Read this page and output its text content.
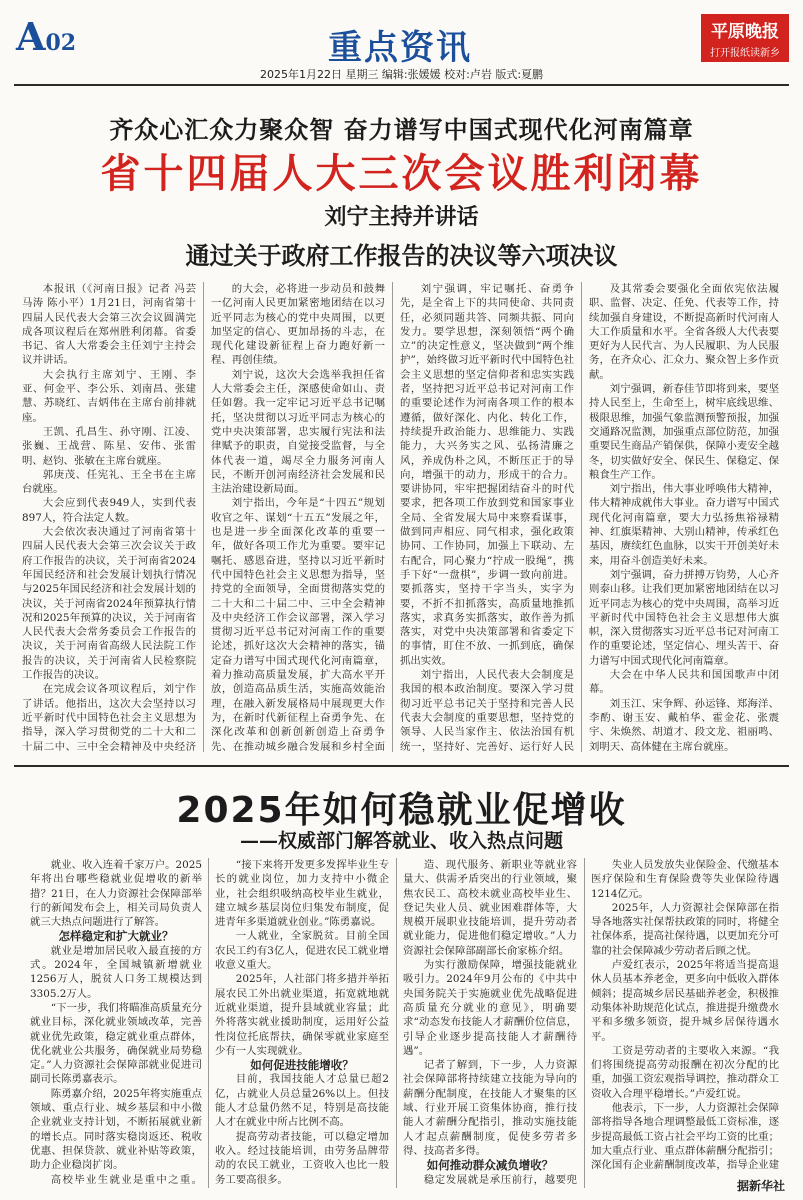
A02	重点资讯	平原晚报
打开报纸读新乡
2025年1月22日 星期三 编辑:张媛媛 校对:卢岩 版式:夏鹏
齐众心汇众力聚众智 奋力谱写中国式现代化河南篇章
省十四届人大三次会议胜利闭幕
刘宁主持并讲话
通过关于政府工作报告的决议等六项决议

本报讯（《河南日报》记者 冯芸 马涛 陈小平）1月21日，河南省第十四届人民代表大会第三次会议圆满完成各项议程后在郑州胜利闭幕。省委书记、省人大常委会主任刘宁主持会议并讲话。

大会执行主席刘宁、王刚、李亚、何金平、李公乐、刘南昌、张建慧、苏晓红、吉炳伟在主席台前排就座。

王凯、孔昌生、孙守刚、江凌、张巍、王战营、陈星、安伟、张雷明、赵钧、张敏在主席台就座。

郭庚茂、任宪礼、王全书在主席台就座。

大会应到代表949人，实到代表897人，符合法定人数。

大会依次表决通过了河南省第十四届人民代表大会第三次会议关于政府工作报告的决议，关于河南省2024年国民经济和社会发展计划执行情况与2025年国民经济和社会发展计划的决议，关于河南省2024年预算执行情况和2025年预算的决议，关于河南省人民代表大会常务委员会工作报告的决议，关于河南省高级人民法院工作报告的决议，关于河南省人民检察院工作报告的决议。

在完成会议各项议程后，刘宁作了讲话。他指出，这次大会坚持以习近平新时代中国特色社会主义思想为指导，深入学习贯彻党的二十大和二十届二中、三中全会精神及中央经济

的大会，必将进一步动员和鼓舞一亿河南人民更加紧密地团结在以习近平同志为核心的党中央周围，以更加坚定的信心、更加昂扬的斗志，在现代化建设新征程上奋力跑好新一程、再创佳绩。

刘宁说，这次大会选举我担任省人大常委会主任，深感使命如山、责任如磐。我一定牢记习近平总书记嘱托，坚决贯彻以习近平同志为核心的党中央决策部署，忠实履行宪法和法律赋予的职责，自觉接受监督，与全体代表一道，竭尽全力服务河南人民，不断开创河南经济社会发展和民主法治建设新局面。

刘宁指出，今年是“十四五”规划收官之年、谋划“十五五”发展之年，也是进一步全面深化改革的重要一年，做好各项工作尤为重要。要牢记嘱托、感恩奋进，坚持以习近平新时代中国特色社会主义思想为指导，坚持党的全面领导，全面贯彻落实党的二十大和二十届二中、三中全会精神及中央经济工作会议部署，深入学习贯彻习近平总书记对河南工作的重要论述，抓好这次大会精神的落实，锚定奋力谱写中国式现代化河南篇章，着力推动高质量发展，扩大高水平开放，创造高品质生活，实施高效能治理，在融入新发展格局中展现更大作为，在新时代新征程上奋勇争先、在深化改革和创新创新创造上奋勇争先、在推动城乡融合发展和乡村全面

刘宁强调，牢记嘱托、奋勇争先，是全省上下的共同使命、共同责任，必须同题共答、同频共振、同向发力。要学思想，深刻领悟“两个确立”的决定性意义，坚决做到“两个维护”，始终做习近平新时代中国特色社会主义思想的坚定信仰者和忠实实践者，坚持把习近平总书记对河南工作的重要论述作为河南各项工作的根本遵循，做好深化、内化、转化工作，持续提升政治能力、思维能力、实践能力，大兴务实之风、弘扬清廉之风，养成伪朴之风，不断压正于的导向，增强干的动力，形成干的合力。要讲协同，牢牢把握团结奋斗的时代要求，把各项工作放到党和国家事业全局、全省发展大局中来察看谋事，做到同声相应、同气相求，强化政策协同、工作协同，加强上下联动、左右配合，同心聚力“拧成一股绳”，携手下好“一盘棋”，步调一致向前进。要抓落实，坚持干字当头，实字为要，不折不扣抓落实，高质量地推抓落实，求真务实抓落实，敢作善为抓落实，对党中央决策部署和省委定下的事情，盯住不放、一抓到底，确保抓出实效。

刘宁指出，人民代表大会制度是我国的根本政治制度。要深入学习贯彻习近平总书记关于坚持和完善人民代表大会制度的重要思想，坚持党的领导、人民当家作主、依法治国有机统一，坚持好、完善好、运行好人民

及其常委会要强化全面依宪依法履职、监督、决定、任免、代表等工作，持续加强自身建设，不断提高新时代河南人大工作质量和水平。全省各级人大代表要更好为人民代言、为人民履职、为人民服务，在齐众心、汇众力、聚众智上多作贡献。

刘宁强调，新春佳节即将到来，要坚持人民至上，生命至上，树牢底线思维、极限思维，加强气象监测预警预报，加强交通路况监测，加强重点部位防范，加强重要民生商品产销保供，保障小麦安全越冬，切实做好安全、保民生、保稳定、保粮食生产工作。

刘宁指出，伟大事业呼唤伟大精神，伟大精神成就伟大事业。奋力谱写中国式现代化河南篇章，要大力弘扬焦裕禄精神、红旗渠精神、大别山精神，传承红色基因，赓续红色血脉，以实干开创美好未来，用奋斗创造美好未来。

刘宁强调，奋力拼搏万钧势，人心齐则泰山移。让我们更加紧密地团结在以习近平同志为核心的党中央周围，高举习近平新时代中国特色社会主义思想伟大旗帜，深入贯彻落实习近平总书记对河南工作的重要论述，坚定信心、埋头苦干、奋力谱写中国式现代化河南篇章。

大会在中华人民共和国国歌声中闭幕。

刘玉江、宋争辉、孙运锋、郑海洋、李酌、谢玉安、戴柏华、霍金花、张震宇、朱焕然、胡道才、段文龙、祖丽鸣、刘明天、高体健在主席台就座。

2025年如何稳就业促增收
——权威部门解答就业、收入热点问题

就业、收入连着千家万户。2025年将出台哪些稳就业促增收的新举措？21日，在人力资源社会保障部举行的新闻发布会上，相关司局负责人就三大热点问题进行了解答。

怎样稳定和扩大就业？

就业是增加居民收入最直接的方式。2024年，全国城镇新增就业1256万人，脱贫人口务工规模达到3305.2万人。

“下一步，我们将瞄准高质量充分就业目标，深化就业领域改革，完善就业优先政策，稳定就业重点群体，优化就业公共服务，确保就业局势稳定。”人力资源社会保障部就业促进司副司长陈勇嘉表示。

陈勇嘉介绍，2025年将实施重点领域、重点行业、城乡基层和中小微企业就业支持计划，不断拓展就业新的增长点。同时落实稳岗返还、税收优惠、担保贷款、就业补贴等政策，助力企业稳岗扩岗。

高校毕业生就业是重中之重。

“接下来将开发更多发挥毕业生专长的就业岗位，加力支持中小微企业，社会组织吸纳高校毕业生就业，建立城乡基层岗位归集发布制度，促进青年多渠道就业创业。”陈勇嘉说。

一人就业，全家脱贫。目前全国农民工约有3亿人，促进农民工就业增收意义重大。

2025年，人社部门将多措并举拓展农民工外出就业渠道，拓宽就地就近就业渠道，提升县域就业容量；此外将落实就业援助制度，运用好公益性岗位托底帮扶，确保零就业家庭至少有一人实现就业。

如何促进技能增收？

目前，我国技能人才总量已超2亿，占就业人员总量26%以上。但技能人才总量仍然不足，特别是高技能人才在就业中所占比例不高。

提高劳动者技能，可以稳定增加收入。经过技能培训，由劳务品牌带动的农民工就业，工资收入也比一般务工要高很多。

造、现代服务、新职业等就业容量大、供需矛盾突出的行业领域，聚焦农民工、高校未就业高校毕业生、登记失业人员、就业困难群体等，大规模开展职业技能培训，提升劳动者就业能力，促进他们稳定增收。”人力资源社会保障部副部长俞家栋介绍。

为实行激励保障，增强技能就业吸引力。2024年9月公布的《中共中央国务院关于实施就业优先战略促进高质量充分就业的意见》，明确要求“动态发布技能人才薪酬价位信息，引导企业逐步提高技能人才薪酬待遇”。

记者了解到，下一步，人力资源社会保障部将持续建立技能为导向的薪酬分配制度，在技能人才聚集的区域、行业开展工资集体协商，推行技能人才薪酬分配指引，推动实施技能人才起点薪酬制度，促使多劳者多得、技高者多得。

如何推动群众减负增收？

稳定发展就是承压前行，越要兜

失业人员发放失业保险金、代缴基本医疗保险和生育保险费等失业保险待遇1214亿元。

2025年，人力资源社会保障部在指导各地落实社保帮扶政策的同时，将健全社保体系，提高社保待遇，以更加充分可靠的社会保障减少劳动者后顾之忧。

卢爱红表示，2025年将适当提高退休人员基本养老金，更多向中低收入群体倾斜；提高城乡居民基础养老金，积极推动集体补助规范化试点，推进提升缴费水平和多缴多领资，提升城乡居保待遇水平。

工资是劳动者的主要收入来源。“我们将围绕提高劳动报酬在初次分配的比重，加强工资宏观指导调控，推动群众工资收入合理平稳增长。”卢爱红说。

他表示，下一步，人力资源社会保障部将指导各地合理调整最低工资标准，逐步提高最低工资占社会平均工资的比重；加大重点行业、重点群体薪酬分配指引；深化国有企业薪酬制度改革，指导企业建

据新华社
